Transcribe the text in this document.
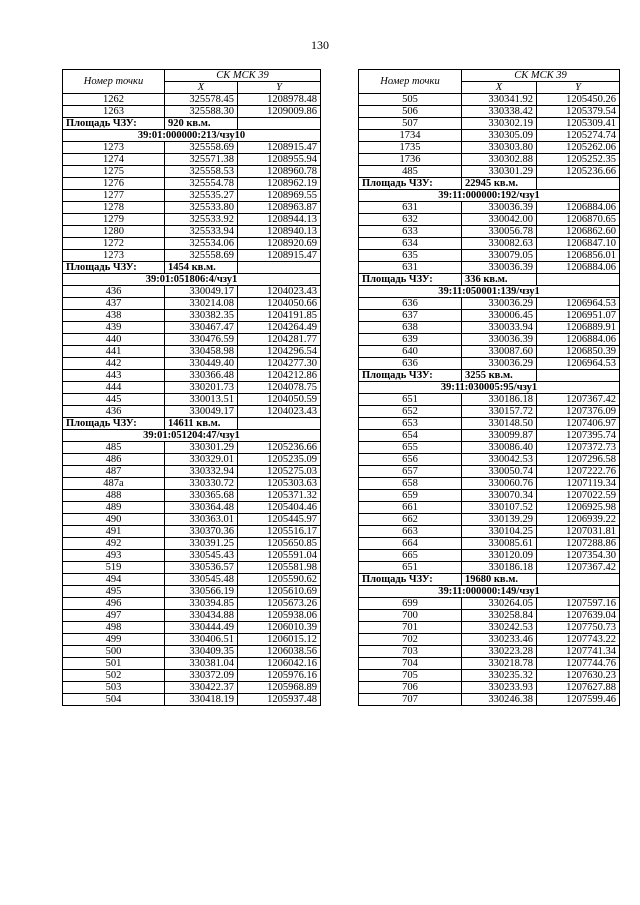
130
Номер точки	СК МСК 39	
	X	Y
1262	325578.45	1208978.48
1263	325588.30	1209009.86
Площадь ЧЗУ:	920 кв.м.	
39:01:000000:213/чзу10		
1273	325558.69	1208915.47
1274	325571.38	1208955.94
1275	325558.53	1208960.78
1276	325554.78	1208962.19
1277	325535.27	1208969.55
1278	325533.80	1208963.87
1279	325533.92	1208944.13
1280	325533.94	1208940.13
1272	325534.06	1208920.69
1273	325558.69	1208915.47
Площадь ЧЗУ:	1454 кв.м.	
39:01:051806:4/чзу1		
436	330049.17	1204023.43
437	330214.08	1204050.66
438	330382.35	1204191.85
439	330467.47	1204264.49
440	330476.59	1204281.77
441	330458.98	1204296.54
442	330449.40	1204277.30
443	330366.48	1204212.86
444	330201.73	1204078.75
445	330013.51	1204050.59
436	330049.17	1204023.43
Площадь ЧЗУ:	14611 кв.м.	
39:01:051204:47/чзу1		
485	330301.29	1205236.66
486	330329.01	1205235.09
487	330332.94	1205275.03
487a	330330.72	1205303.63
488	330365.68	1205371.32
489	330364.48	1205404.46
490	330363.01	1205445.97
491	330370.36	1205516.17
492	330391.25	1205650.85
493	330545.43	1205591.04
519	330536.57	1205581.98
494	330545.48	1205590.62
495	330566.19	1205610.69
496	330394.85	1205673.26
497	330434.88	1205938.06
498	330444.49	1206010.39
499	330406.51	1206015.12
500	330409.35	1206038.56
501	330381.04	1206042.16
502	330372.09	1205976.16
503	330422.37	1205968.89
504	330418.19	1205937.48
Номер точки	СК МСК 39	
	X	Y
505	330341.92	1205450.26
506	330338.42	1205379.54
507	330302.19	1205309.41
1734	330305.09	1205274.74
1735	330303.80	1205262.06
1736	330302.88	1205252.35
485	330301.29	1205236.66
Площадь ЧЗУ:	22945 кв.м.	
39:11:000000:192/чзу1		
631	330036.39	1206884.06
632	330042.00	1206870.65
633	330056.78	1206862.60
634	330082.63	1206847.10
635	330079.05	1206856.01
631	330036.39	1206884.06
Площадь ЧЗУ:	336 кв.м.	
39:11:050001:139/чзу1		
636	330036.29	1206964.53
637	330006.45	1206951.07
638	330033.94	1206889.91
639	330036.39	1206884.06
640	330087.60	1206850.39
636	330036.29	1206964.53
Площадь ЧЗУ:	3255 кв.м.	
39:11:030005:95/чзу1		
651	330186.18	1207367.42
652	330157.72	1207376.09
653	330148.50	1207406.97
654	330099.87	1207395.74
655	330086.40	1207372.73
656	330042.53	1207296.58
657	330050.74	1207222.76
658	330060.76	1207119.34
659	330070.34	1207022.59
661	330107.52	1206925.98
662	330139.29	1206939.22
663	330104.25	1207031.81
664	330085.61	1207288.86
665	330120.09	1207354.30
651	330186.18	1207367.42
Площадь ЧЗУ:	19680 кв.м.	
39:11:000000:149/чзу1		
699	330264.05	1207597.16
700	330258.84	1207639.04
701	330242.53	1207750.73
702	330233.46	1207743.22
703	330223.28	1207741.34
704	330218.78	1207744.76
705	330235.32	1207630.23
706	330233.93	1207627.88
707	330246.38	1207599.46
